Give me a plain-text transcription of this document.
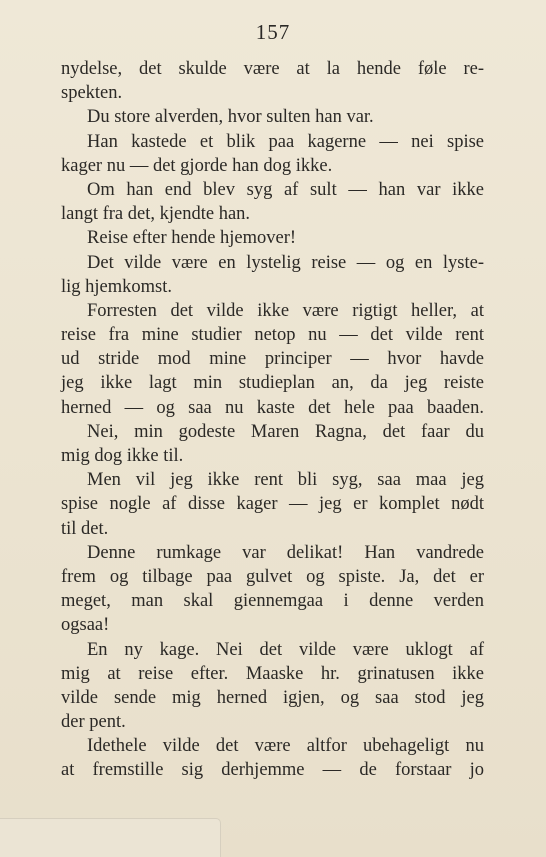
157
nydelse, det skulde være at la hende føle re-
spekten.
Du store alverden, hvor sulten han var.
Han kastede et blik paa kagerne — nei spise
kager nu — det gjorde han dog ikke.
Om han end blev syg af sult — han var ikke
langt fra det, kjendte han.
Reise efter hende hjemover!
Det vilde være en lystelig reise — og en lyste-
lig hjemkomst.
Forresten det vilde ikke være rigtigt heller, at
reise fra mine studier netop nu — det vilde rent
ud stride mod mine principer — hvor havde
jeg ikke lagt min studieplan an, da jeg reiste
herned — og saa nu kaste det hele paa baaden.
Nei, min godeste Maren Ragna, det faar du
mig dog ikke til.
Men vil jeg ikke rent bli syg, saa maa jeg
spise nogle af disse kager — jeg er komplet nødt
til det.
Denne rumkage var delikat! Han vandrede
frem og tilbage paa gulvet og spiste. Ja, det er
meget, man skal giennemgaa i denne verden
ogsaa!
En ny kage. Nei det vilde være uklogt af
mig at reise efter. Maaske hr. grinatusen ikke
vilde sende mig herned igjen, og saa stod jeg
der pent.
Idethele vilde det være altfor ubehageligt nu
at fremstille sig derhjemme — de forstaar jo
